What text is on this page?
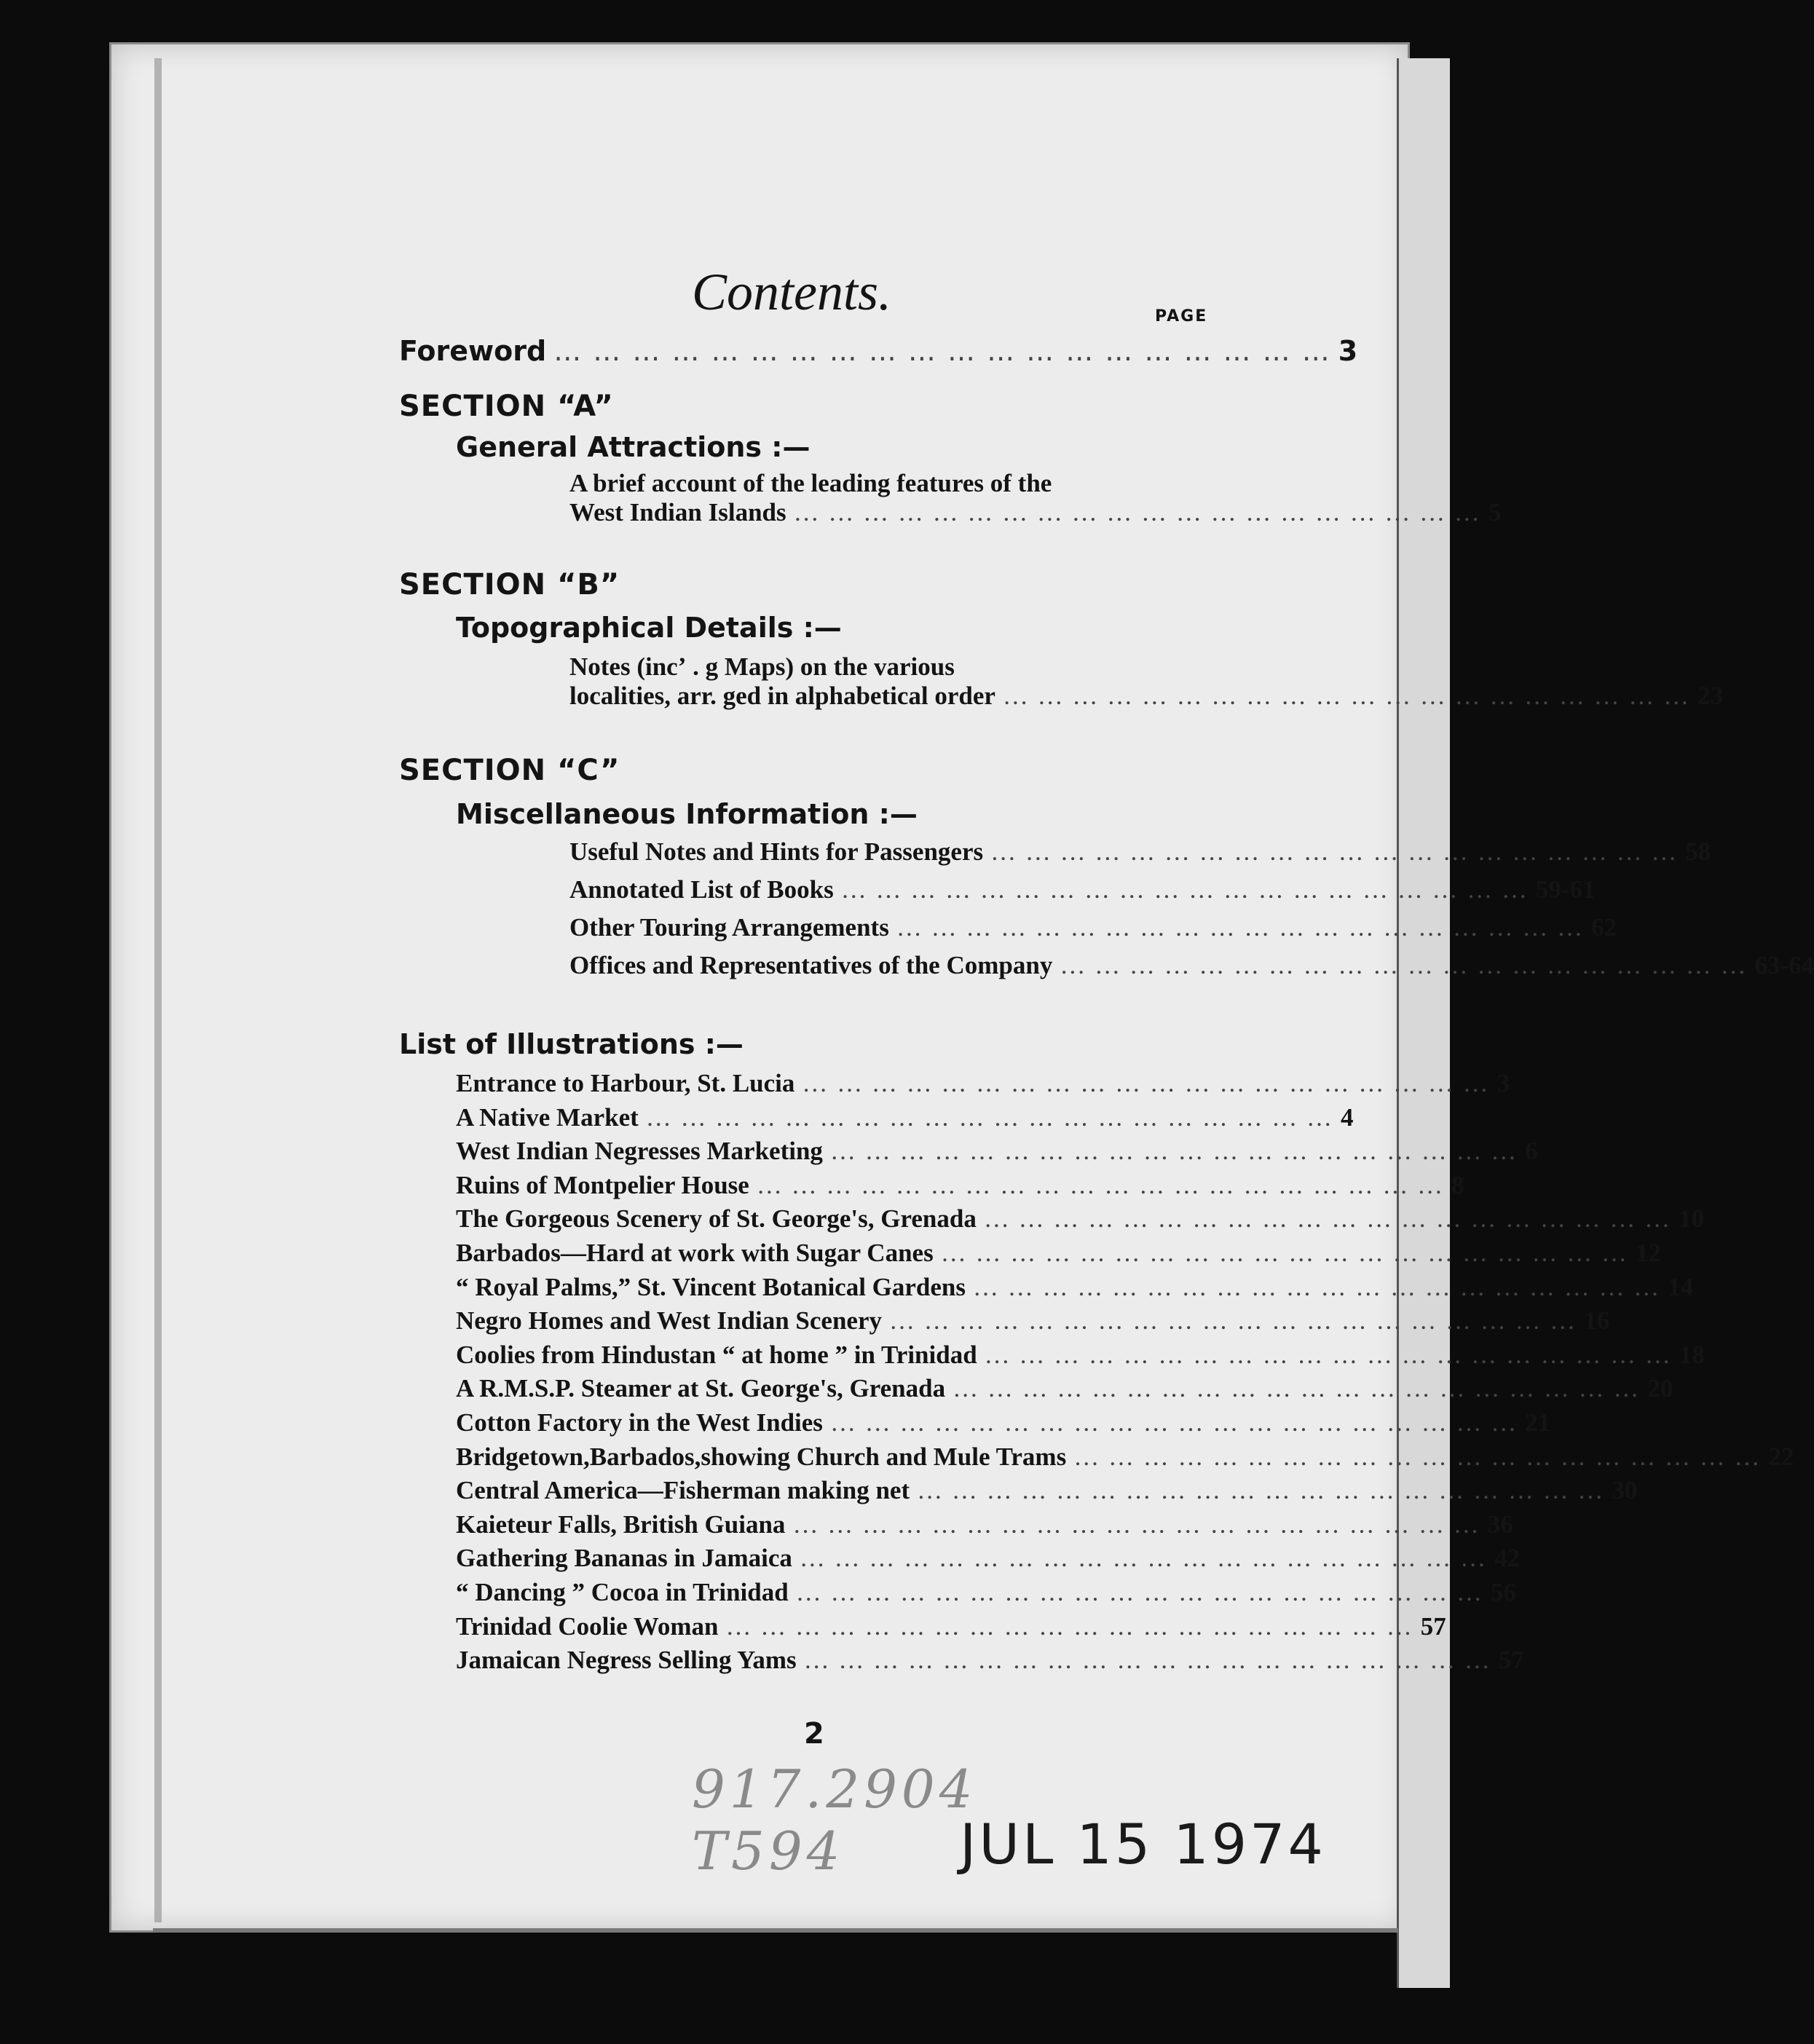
Contents.	PAGE
Foreword … … … … … … … … … … … … … … … … … … … … 3
SECTION “A”
General Attractions :—
A brief account of the leading features of the
West Indian Islands … … … … … … … … … … … … … … … … … … … … 5
SECTION “B”
Topographical Details :—
Notes (incʼ . g Maps) on the various
localities, arr. ged in alphabetical order … … … … … … … … … … … … … … … … … … … … 23
SECTION “C”
Miscellaneous Information :—
Useful Notes and Hints for Passengers … … … … … … … … … … … … … … … … … … … … 58
Annotated List of Books … … … … … … … … … … … … … … … … … … … … 59-61
Other Touring Arrangements … … … … … … … … … … … … … … … … … … … … 62
Offices and Representatives of the Company … … … … … … … … … … … … … … … … … … … … 63-64
List of Illustrations :—
Entrance to Harbour, St. Lucia … … … … … … … … … … … … … … … … … … … … 3
A Native Market … … … … … … … … … … … … … … … … … … … … 4
West Indian Negresses Marketing … … … … … … … … … … … … … … … … … … … … 6
Ruins of Montpelier House … … … … … … … … … … … … … … … … … … … … 8
The Gorgeous Scenery of St. George's, Grenada … … … … … … … … … … … … … … … … … … … … 10
Barbados—Hard at work with Sugar Canes … … … … … … … … … … … … … … … … … … … … 12
“ Royal Palms,” St. Vincent Botanical Gardens … … … … … … … … … … … … … … … … … … … … 14
Negro Homes and West Indian Scenery … … … … … … … … … … … … … … … … … … … … 16
Coolies from Hindustan “ at home ” in Trinidad … … … … … … … … … … … … … … … … … … … … 18
A R.M.S.P. Steamer at St. George's, Grenada … … … … … … … … … … … … … … … … … … … … 20
Cotton Factory in the West Indies … … … … … … … … … … … … … … … … … … … … 21
Bridgetown,Barbados,showing Church and Mule Trams … … … … … … … … … … … … … … … … … … … … 22
Central America—Fisherman making net … … … … … … … … … … … … … … … … … … … … 30
Kaieteur Falls, British Guiana … … … … … … … … … … … … … … … … … … … … 36
Gathering Bananas in Jamaica … … … … … … … … … … … … … … … … … … … … 42
“ Dancing ” Cocoa in Trinidad … … … … … … … … … … … … … … … … … … … … 56
Trinidad Coolie Woman … … … … … … … … … … … … … … … … … … … … 57
Jamaican Negress Selling Yams … … … … … … … … … … … … … … … … … … … … 57
2
917.2904
T594 JUL 15 1974
